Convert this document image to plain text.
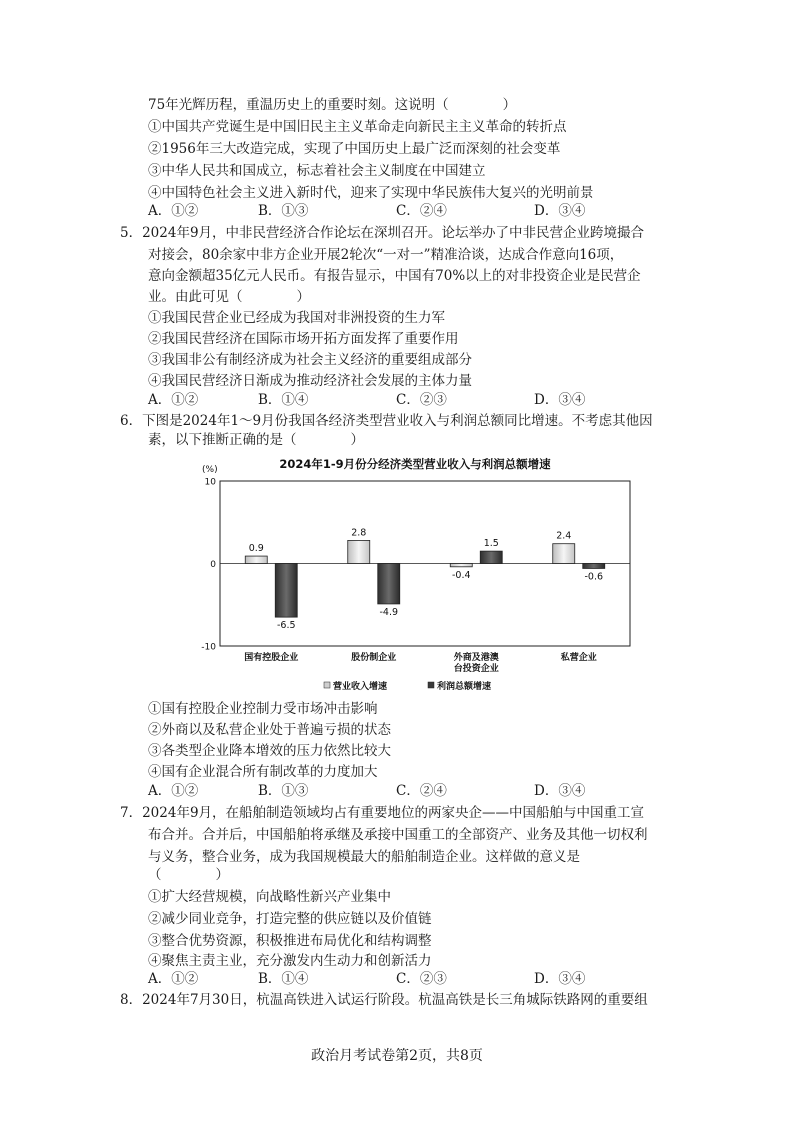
75年光辉历程，重温历史上的重要时刻。这说明（　　　　）
①中国共产党诞生是中国旧民主主义革命走向新民主主义革命的转折点
②1956年三大改造完成，实现了中国历史上最广泛而深刻的社会变革
③中华人民共和国成立，标志着社会主义制度在中国建立
④中国特色社会主义进入新时代，迎来了实现中华民族伟大复兴的光明前景
A．①②	B．①③	C．②④	D．③④
5．2024年9月，中非民营经济合作论坛在深圳召开。论坛举办了中非民营企业跨境撮合
对接会，80余家中非方企业开展2轮次“一对一”精准洽谈，达成合作意向16项，
意向金额超35亿元人民币。有报告显示，中国有70%以上的对非投资企业是民营企
业。由此可见（　　　　）
①我国民营企业已经成为我国对非洲投资的生力军
②我国民营经济在国际市场开拓方面发挥了重要作用
③我国非公有制经济成为社会主义经济的重要组成部分
④我国民营经济日渐成为推动经济社会发展的主体力量
A．①②	B．①④	C．②③	D．③④
6．下图是2024年1～9月份我国各经济类型营业收入与利润总额同比增速。不考虑其他因
素，以下推断正确的是（　　　　）
2024年1-9月份分经济类型营业收入与利润总额增速
(%)
10
0
-10
0.9
-6.5
2.8
-4.9
-0.4
1.5
2.4
-0.6
国有控股企业	股份制企业	外商及港澳
台投资企业
私营企业
营业收入增速	利润总额增速
①国有控股企业控制力受市场冲击影响
②外商以及私营企业处于普遍亏损的状态
③各类型企业降本增效的压力依然比较大
④国有企业混合所有制改革的力度加大
A．①②	B．①③	C．②④	D．③④
7．2024年9月，在船舶制造领域均占有重要地位的两家央企——中国船舶与中国重工宣
布合并。合并后，中国船舶将承继及承接中国重工的全部资产、业务及其他一切权利
与义务，整合业务，成为我国规模最大的船舶制造企业。这样做的意义是
（　　　　）
①扩大经营规模，向战略性新兴产业集中
②减少同业竞争，打造完整的供应链以及价值链
③整合优势资源，积极推进布局优化和结构调整
④聚焦主责主业，充分激发内生动力和创新活力
A．①②	B．①④	C．②③	D．③④
8．2024年7月30日，杭温高铁进入试运行阶段。杭温高铁是长三角城际铁路网的重要组
政治月考试卷第2页，共8页
